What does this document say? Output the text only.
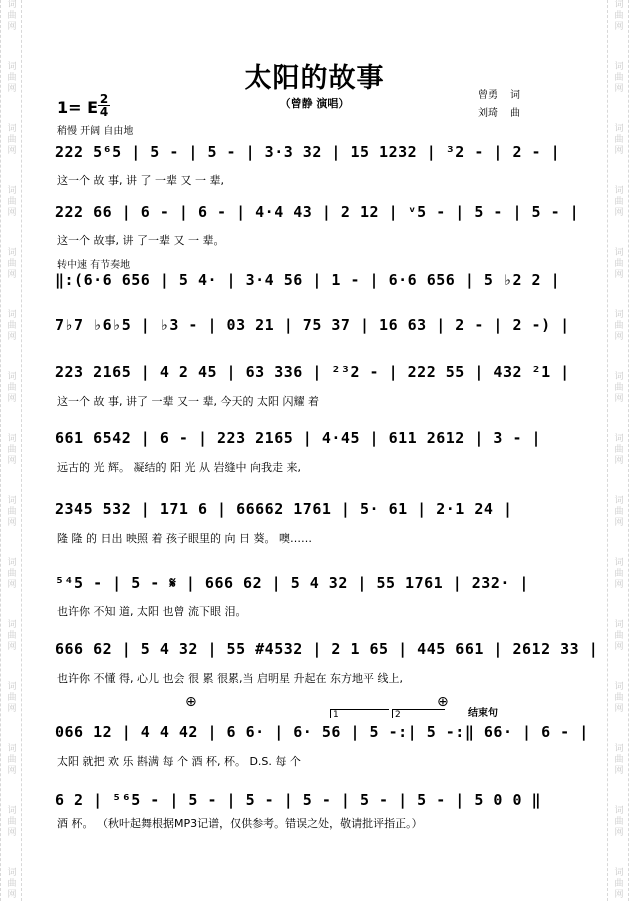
词
曲
网
词
曲
网
词
曲
网
词
曲
网
词
曲
网
词
曲
网
词
曲
网
词
曲
网
词
曲
网
词
曲
网
词
曲
网
词
曲
网
词
曲
网
词
曲
网
词
曲
网
词
曲
网
词
曲
网
词
曲
网
词
曲
网
词
曲
网
词
曲
网
词
曲
网
词
曲
网
词
曲
网
词
曲
网
词
曲
网
词
曲
网
词
曲
网
词
曲
网
词
曲
网
太阳的故事
（曾静 演唱）
曾勇 词
刘琦 曲
1= E 2
4
稍慢 开阔 自由地
转中速 有节奏地
222 5⁶5 | 5 - | 5 - | 3·3 32 | 15 1232 | ³2 - | 2 - |
这一个 故 事, 讲 了 一辈 又 一 辈,
222 66 | 6 - | 6 - | 4·4 43 | 2 12 | ᵛ5 - | 5 - | 5 - |
这一个 故事, 讲 了一辈 又 一 辈。
‖:(6·6 656 | 5 4· | 3·4 56 | 1 - | 6·6 656 | 5 ♭2 2 |
7♭7 ♭6♭5 | ♭3 - | 03 21 | 75 37 | 16 63 | 2 - | 2 -) |
223 2165 | 4 2 45 | 63 336 | ²³2 - | 222 55 | 432 ²1 |
这一个 故 事, 讲了 一辈 又一 辈, 今天的 太阳 闪耀 着
661 6542 | 6 - | 223 2165 | 4·45 | 611 2612 | 3 - |
远古的 光 辉。 凝结的 阳 光 从 岩缝中 向我走 来,
2345 532 | 171 6 | 66662 1761 | 5· 61 | 2·1 24 |
隆 隆 的 日出 映照 着 孩子眼里的 向 日 葵。 噢……
⁵⁴5 - | 5 - 𝄋 | 666 62 | 5 4 32 | 55 1761 | 232· |
也许你 不知 道, 太阳 也曾 流下眼 泪。
666 62 | 5 4 32 | 55 #4532 | 2 1 65 | 445 661 | 2612 33 |
也许你 不懂 得, 心儿 也会 很 累 很累,当 启明星 升起在 东方地平 线上,
066 12 | 4 4 42 | 6 6· | 6· 56 | 5 -:| 5 -:‖ 66· | 6 - |
太阳 就把 欢 乐 斟满 每 个 酒 杯, 杯。 D.S. 每 个
6 2 | ⁵⁶5 - | 5 - | 5 - | 5 - | 5 - | 5 - | 5 0 0 ‖
酒 杯。 （秋叶起舞根据MP3记谱，仅供参考。错误之处，敬请批评指正。）
⊕	⊕
1	2	结束句
